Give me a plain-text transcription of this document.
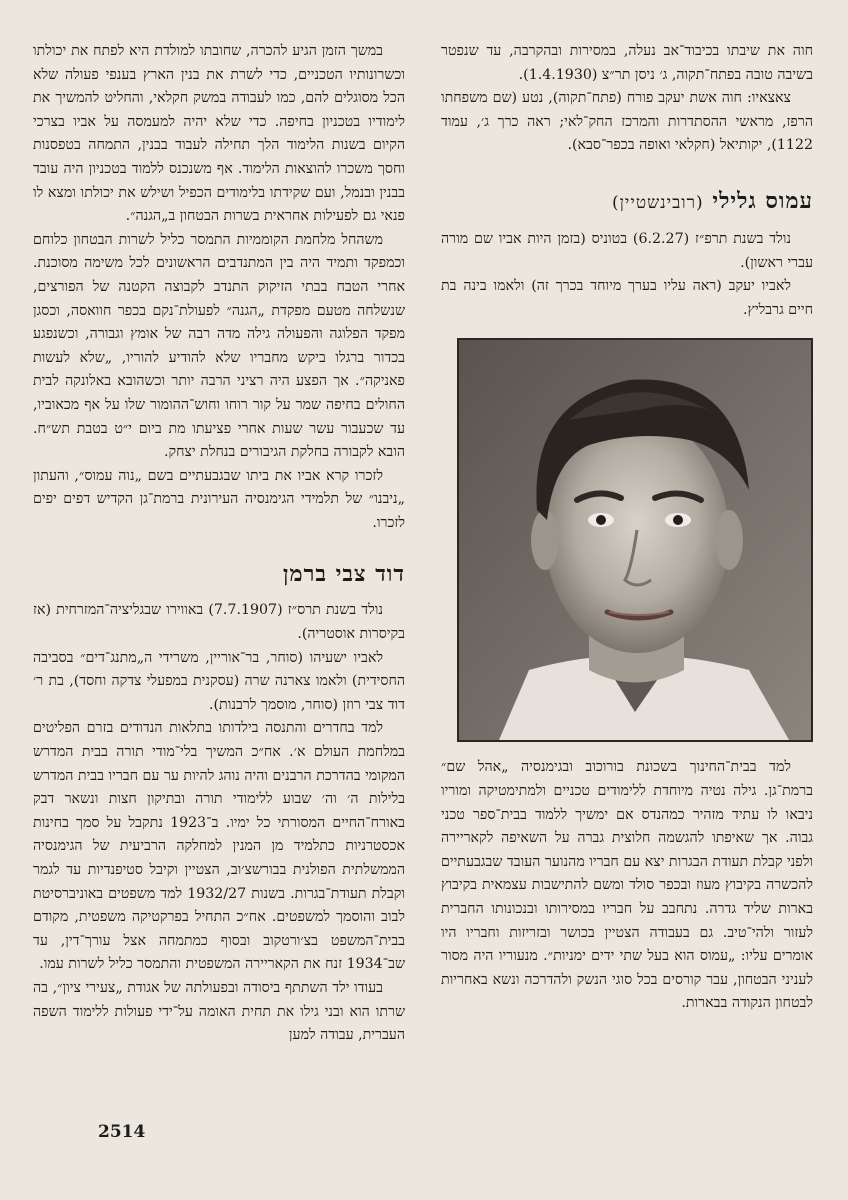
חוה את שיבתו בכיבוד־אב נעלה, במסירות ובהקרבה, עד שנפטר בשיבה טובה בפתח־תקוה, ג׳ ניסן תר״צ (1.4.1930).

צאצאיו: חוה אשת יעקב פורח (פתח־תקוה), נטע (שם משפחתו הרפז, מראשי ההסתדרות והמרכז החק־לאי; ראה כרך ג׳, עמוד 1122), יקותיאל (חקלאי ואופה בכפר־סבא).

עמוס גלילי (רובינשטיין)

נולד בשנת תרפ״ז (6.2.27) בטוניס (בזמן היות אביו שם מורה עברי ראשון).

לאביו יעקב (ראה עליו בערך מיוחד בכרך זה) ולאמו בינה בת חיים גרבליץ.

למד בבית־החינוך בשכונת בורוכוב ובגימנסיה „אהל שם״ ברמת־גן. גילה נטיה מיוחדת ללימודים טכניים ולמתימטיקה ומוריו ניבאו לו עתיד מזהיר כמהנדס אם ימשיך ללמוד בבית־ספר טכני גבוה. אך שאיפתו להגשמה חלוצית גברה על השאיפה לקאריירה ולפני קבלת תעודת הבגרות יצא עם חבריו מהנוער העובד שבגבעתיים להכשרה בקיבוץ מעוז ובכפר סולד ומשם להתישבות עצמאית בקיבוץ בארות שליד גדרה. נתחבב על חבריו במסירותו ובנכונותו החברית לעזור ולהי־טיב. גם בעבודה הצטיין בכושר ובזריזות וחבריו היו אומרים עליו: „עמוס הוא בעל שתי ידים ימניות״. מנעוריו היה מסור לעניני הבטחון, עבר קורסים בכל סוגי הנשק ולהדרכה ונשא באחריות לבטחון הנקודה בבארות.

במשך הזמן הגיע להכרה, שחובתו למולדת היא לפתח את יכולתו וכשרונותיו הטכניים, כדי לשרת את בנין הארץ בענפי פעולה שלא הכל מסוגלים להם, כמו לעבודה במשק חקלאי, והחליט להמשיך את לימודיו בטכניון בחיפה. כדי שלא יהיה למעמסה על אביו בצרכי הקיום בשנות הלימוד הלך תחילה לעבוד בבנין, התמחה בטפסנות וחסך משכרו להוצאות הלימוד. אף משנכנס ללמוד בטכניון היה עובד בבנין ובנמל, ועם שקידתו בלימודים הכפיל ושילש את יכולתו ומצא לו פנאי גם לפעילות אחראית בשרות הבטחון ב„הגנה״.

משהחל מלחמת הקוממיות התמסר כליל לשרות הבטחון כלוחם וכמפקד ותמיד היה בין המתנדבים הראשונים לכל משימה מסוכנת. אחרי הטבח בבתי הזיקוק התנדב לקבוצה הקטנה של הפורצים, שנשלחה מטעם מפקדת „הגנה״ לפעולת־נקם בכפר חוואסה, וכסגן מפקד הפלוגה והפעולה גילה מדה רבה של אומץ וגבורה, וכשנפגע בכדור ברגלו ביקש מחבריו שלא להודיע להוריו, „שלא לעשות פאניקה״. אך הפצע היה רציני הרבה יותר וכשהובא באלונקה לבית החולים בחיפה שמר על קור רוחו וחוש־ההומור שלו על אף מכאוביו, עד שכעבור עשר שעות אחרי פציעתו מת ביום י״ט בטבת תש״ח. הובא לקבורה בחלקת הגיבורים בנחלת יצחק.

לזכרו קרא אביו את ביתו שבגבעתיים בשם „נוה עמוס״, והעתון „ניבנו״ של תלמידי הגימנסיה העירונית ברמת־גן הקדיש דפים יפים לזכרו.

דוד צבי ברמן

נולד בשנת תרס״ז (7.7.1907) באווירו שבגליציה־המזרחית (אז בקיסרות אוסטריה).

לאביו ישעיהו (סוחר, בר־אוריין, משרידי ה„מתנג־דים״ בסביבה החסידית) ולאמו צארנה שרה (עסקנית במפעלי צדקה וחסד), בת ר׳ דוד צבי רוזן (סוחר, מוסמך לרבנות).

למד בחדרים והתנסה בילדותו בתלאות הנדודים בזרם הפליטים במלחמת העולם א׳. אח״כ המשיך בלי־מודי תורה בבית המדרש המקומי בהדרכת הרבנים והיה נוהג להיות ער עם חבריו בבית המדרש בלילות ה׳ וה׳ שבוע ללימודי תורה ובתיקון חצות ונשאר דבק באורח־החיים המסורתי כל ימיו. ב־1923 נתקבל על סמך בחינות אכסטרניות כתלמיד מן המנין למחלקה הרביעית של הגימנסיה הממשלתית הפולנית בבורשצ׳וב, הצטיין וקיבל סטיפנדיות עד לגמר וקבלת תעודת־בגרות. בשנות 1932/27 למד משפטים באוניברסיטת לבוב והוסמך למשפטים. אח״כ התחיל בפרקטיקה משפטית, מקודם בבית־המשפט בצ׳ורטקוב ובסוף כמתמחה אצל עורך־דין, עד שב־1934 זנח את הקאריירה המשפטית והתמסר כליל לשרות עמו.

בעודו ילד השתתף ביסודה ובפעולתה של אגודת „צעירי ציון״, בה שרתו הוא ובני גילו את תחית האומה על־ידי פעולות ללימוד השפה העברית, עבודה למען

2514
